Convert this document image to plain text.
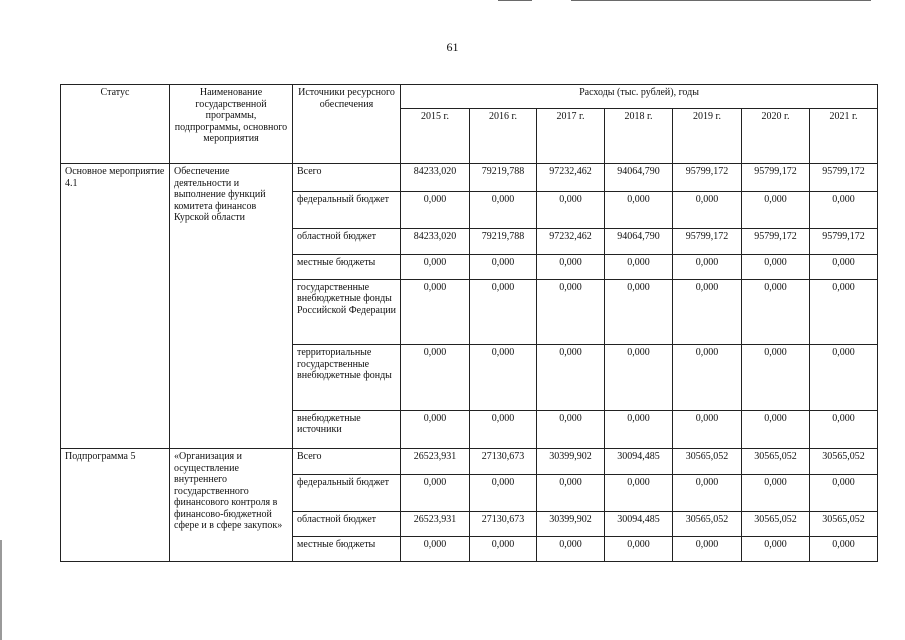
61
Статус	Наименование государственной программы, подпрограммы, основного мероприятия	Источники ресурсного обеспечения	Расходы (тыс. рублей), годы						
			2015 г.	2016 г.	2017 г.	2018 г.	2019 г.	2020 г.	2021 г.
Основное мероприятие 4.1	Обеспечение деятельности и выполнение функций комитета финансов Курской области	Всего	84233,020	79219,788	97232,462	94064,790	95799,172	95799,172	95799,172
		федеральный бюджет	0,000	0,000	0,000	0,000	0,000	0,000	0,000
		областной бюджет	84233,020	79219,788	97232,462	94064,790	95799,172	95799,172	95799,172
		местные бюджеты	0,000	0,000	0,000	0,000	0,000	0,000	0,000
		государственные внебюджетные фонды Российской Федерации	0,000	0,000	0,000	0,000	0,000	0,000	0,000
		территориальные государственные внебюджетные фонды	0,000	0,000	0,000	0,000	0,000	0,000	0,000
		внебюджетные источники	0,000	0,000	0,000	0,000	0,000	0,000	0,000
Подпрограмма 5	«Организация и осуществление внутреннего государственного финансового контроля в финансово-бюджетной сфере и в сфере закупок»	Всего	26523,931	27130,673	30399,902	30094,485	30565,052	30565,052	30565,052
		федеральный бюджет	0,000	0,000	0,000	0,000	0,000	0,000	0,000
		областной бюджет	26523,931	27130,673	30399,902	30094,485	30565,052	30565,052	30565,052
		местные бюджеты	0,000	0,000	0,000	0,000	0,000	0,000	0,000
